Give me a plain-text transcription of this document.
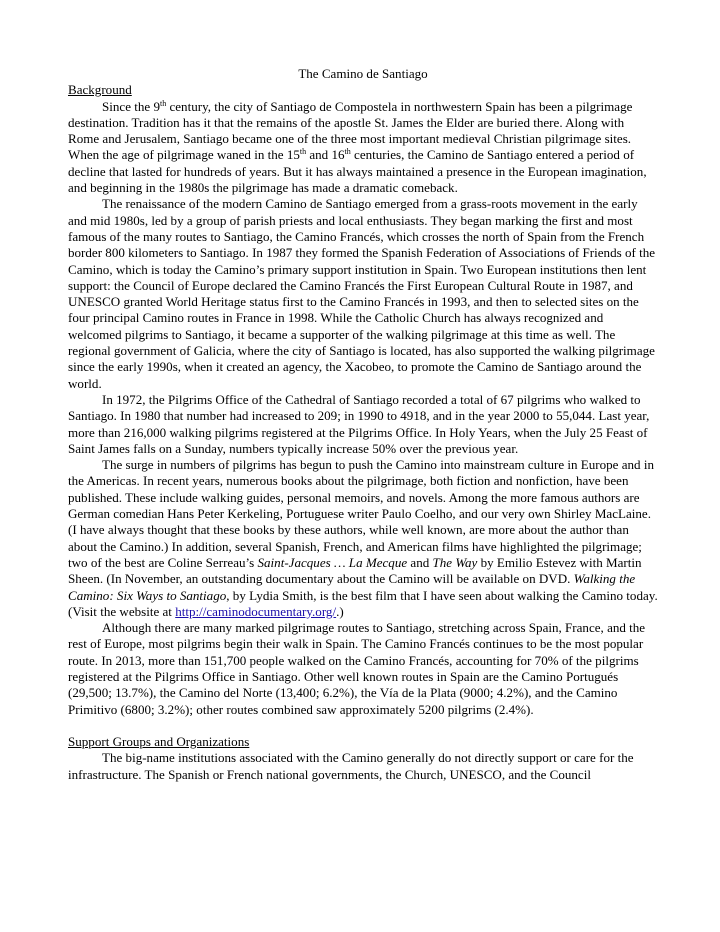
The Camino de Santiago
Background

Since the 9th century, the city of Santiago de Compostela in northwestern Spain has been a pilgrimage destination. Tradition has it that the remains of the apostle St. James the Elder are buried there. Along with Rome and Jerusalem, Santiago became one of the three most important medieval Christian pilgrimage sites. When the age of pilgrimage waned in the 15th and 16th centuries, the Camino de Santiago entered a period of decline that lasted for hundreds of years. But it has always maintained a presence in the European imagination, and beginning in the 1980s the pilgrimage has made a dramatic comeback.

The renaissance of the modern Camino de Santiago emerged from a grass-roots movement in the early and mid 1980s, led by a group of parish priests and local enthusiasts. They began marking the first and most famous of the many routes to Santiago, the Camino Francés, which crosses the north of Spain from the French border 800 kilometers to Santiago. In 1987 they formed the Spanish Federation of Associations of Friends of the Camino, which is today the Camino’s primary support institution in Spain. Two European institutions then lent support: the Council of Europe declared the Camino Francés the First European Cultural Route in 1987, and UNESCO granted World Heritage status first to the Camino Francés in 1993, and then to selected sites on the four principal Camino routes in France in 1998. While the Catholic Church has always recognized and welcomed pilgrims to Santiago, it became a supporter of the walking pilgrimage at this time as well. The regional government of Galicia, where the city of Santiago is located, has also supported the walking pilgrimage since the early 1990s, when it created an agency, the Xacobeo, to promote the Camino de Santiago around the world.

In 1972, the Pilgrims Office of the Cathedral of Santiago recorded a total of 67 pilgrims who walked to Santiago. In 1980 that number had increased to 209; in 1990 to 4918, and in the year 2000 to 55,044. Last year, more than 216,000 walking pilgrims registered at the Pilgrims Office. In Holy Years, when the July 25 Feast of Saint James falls on a Sunday, numbers typically increase 50% over the previous year.

The surge in numbers of pilgrims has begun to push the Camino into mainstream culture in Europe and in the Americas. In recent years, numerous books about the pilgrimage, both fiction and nonfiction, have been published. These include walking guides, personal memoirs, and novels. Among the more famous authors are German comedian Hans Peter Kerkeling, Portuguese writer Paulo Coelho, and our very own Shirley MacLaine. (I have always thought that these books by these authors, while well known, are more about the author than about the Camino.) In addition, several Spanish, French, and American films have highlighted the pilgrimage; two of the best are Coline Serreau’s Saint-Jacques … La Mecque and The Way by Emilio Estevez with Martin Sheen. (In November, an outstanding documentary about the Camino will be available on DVD. Walking the Camino: Six Ways to Santiago, by Lydia Smith, is the best film that I have seen about walking the Camino today. (Visit the website at http://caminodocumentary.org/.)

Although there are many marked pilgrimage routes to Santiago, stretching across Spain, France, and the rest of Europe, most pilgrims begin their walk in Spain. The Camino Francés continues to be the most popular route. In 2013, more than 151,700 people walked on the Camino Francés, accounting for 70% of the pilgrims registered at the Pilgrims Office in Santiago. Other well known routes in Spain are the Camino Portugués (29,500; 13.7%), the Camino del Norte (13,400; 6.2%), the Vía de la Plata (9000; 4.2%), and the Camino Primitivo (6800; 3.2%); other routes combined saw approximately 5200 pilgrims (2.4%).

Support Groups and Organizations

The big-name institutions associated with the Camino generally do not directly support or care for the infrastructure. The Spanish or French national governments, the Church, UNESCO, and the Council
